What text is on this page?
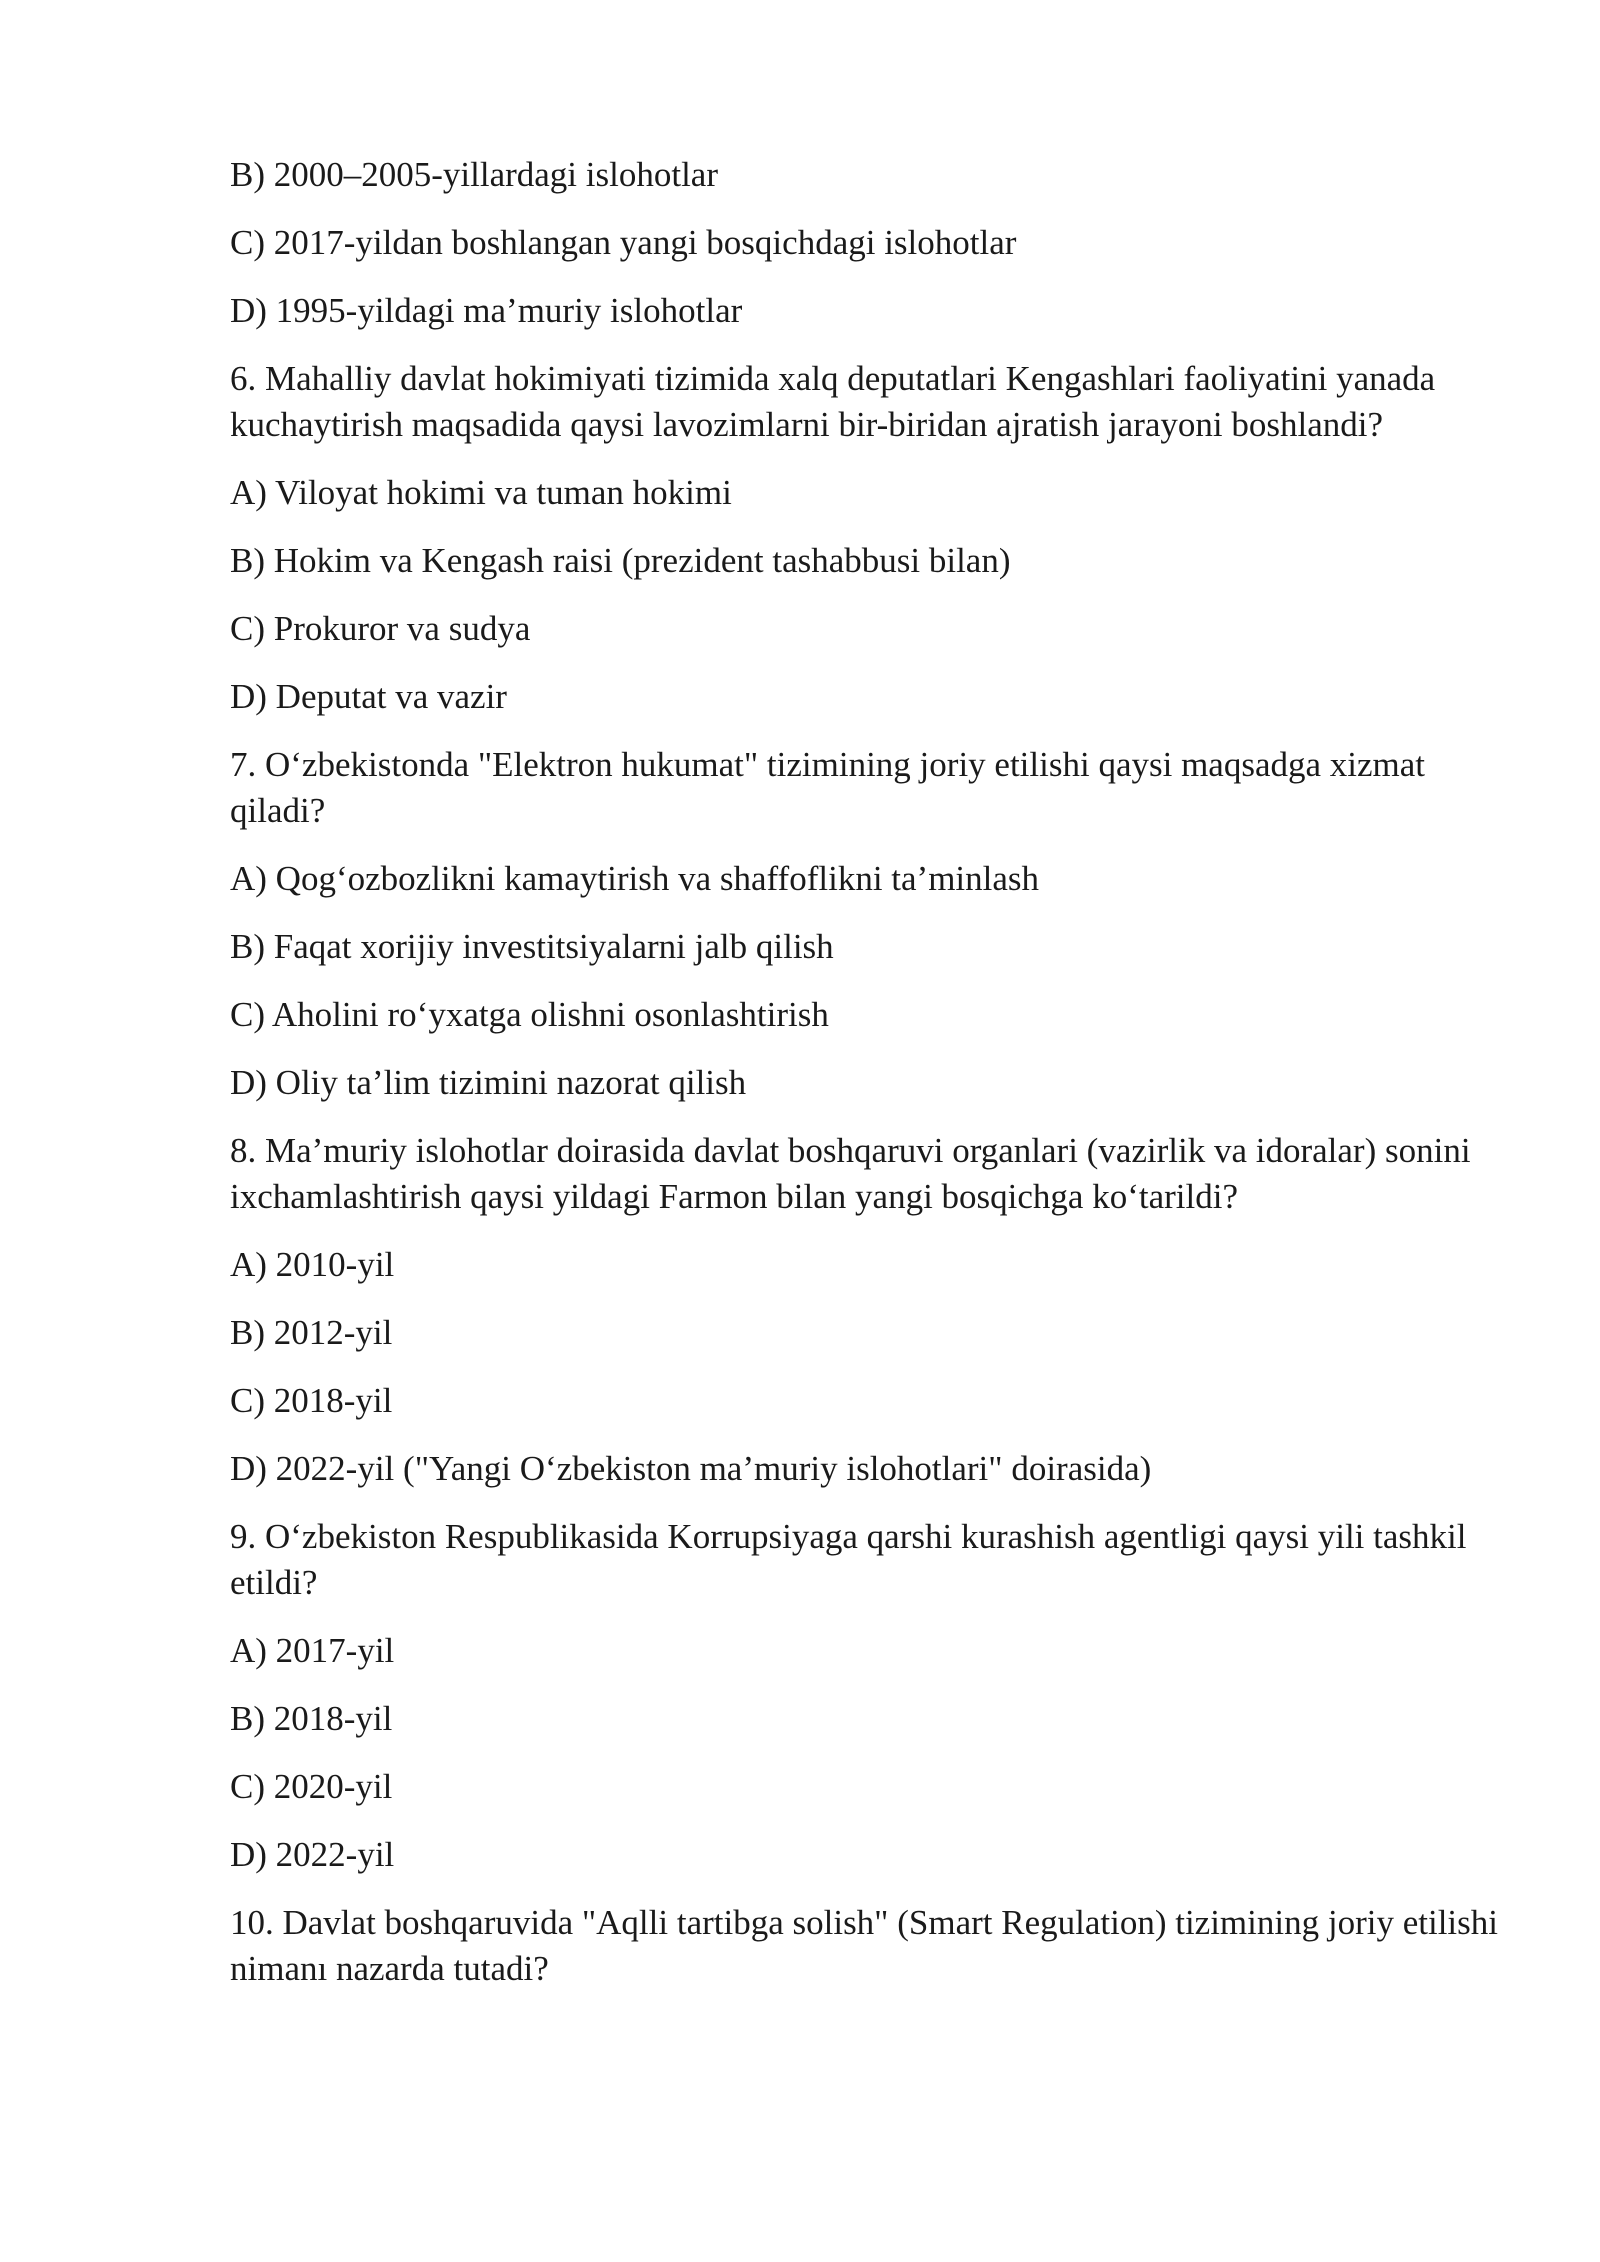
B) 2000–2005-yillardagi islohotlar
C) 2017-yildan boshlangan yangi bosqichdagi islohotlar
D) 1995-yildagi ma’muriy islohotlar
6. Mahalliy davlat hokimiyati tizimida xalq deputatlari Kengashlari faoliyatini yanada kuchaytirish maqsadida qaysi lavozimlarni bir-biridan ajratish jarayoni boshlandi?
A) Viloyat hokimi va tuman hokimi
B) Hokim va Kengash raisi (prezident tashabbusi bilan)
C) Prokuror va sudya
D) Deputat va vazir
7. O‘zbekistonda "Elektron hukumat" tizimining joriy etilishi qaysi maqsadga xizmat qiladi?
A) Qog‘ozbozlikni kamaytirish va shaffoflikni ta’minlash
B) Faqat xorijiy investitsiyalarni jalb qilish
C) Aholini ro‘yxatga olishni osonlashtirish
D) Oliy ta’lim tizimini nazorat qilish
8. Ma’muriy islohotlar doirasida davlat boshqaruvi organlari (vazirlik va idoralar) sonini ixchamlashtirish qaysi yildagi Farmon bilan yangi bosqichga ko‘tarildi?
A) 2010-yil
B) 2012-yil
C) 2018-yil
D) 2022-yil ("Yangi O‘zbekiston ma’muriy islohotlari" doirasida)
9. O‘zbekiston Respublikasida Korrupsiyaga qarshi kurashish agentligi qaysi yili tashkil etildi?
A) 2017-yil
B) 2018-yil
C) 2020-yil
D) 2022-yil
10. Davlat boshqaruvida "Aqlli tartibga solish" (Smart Regulation) tizimining joriy etilishi nimanı nazarda tutadi?
